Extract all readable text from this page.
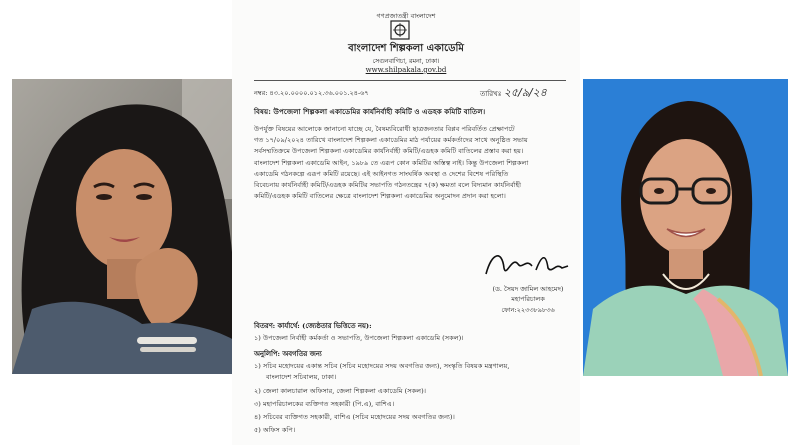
গণপ্রজাতন্ত্রী বাংলাদেশ
বাংলাদেশ শিল্পকলা একাডেমি
সেগুনবাগিচা, রমনা, ঢাকা।
www.shilpakala.gov.bd
নম্বর: ৪৩.২০.০০০০.০১২.৩৬.০০১.২৪-৬৭	তারিখঃ ২৫/৯/২৪
বিষয়: উপজেলা শিল্পকলা একাডেমির কার্যনির্বাহী কমিটি ও এডহক কমিটি বাতিল।

উপর্যুক্ত বিষয়ের আলোকে জানানো যাচ্ছে যে, বৈষম্যবিরোধী ছাত্রজনতার বিপ্লব পরিবর্তিত প্রেক্ষাপটে
গত ১৭/০৯/২০২৪ তারিখে বাংলাদেশ শিল্পকলা একাডেমির মাঠ পর্যায়ের কর্মকর্তাদের সাথে অনুষ্ঠিত সভায়
সর্বসম্মতিক্রমে উপজেলা শিল্পকলা একাডেমির কার্যনির্বাহী কমিটি/এডহক কমিটি বাতিলের প্রস্তাব করা হয়।
বাংলাদেশ শিল্পকলা একাডেমি আইন, ১৯৮৯ তে এরূপ কোন কমিটির অস্তিত্ব নাই। কিন্তু উপজেলা শিল্পকলা
একাডেমি গঠনকল্পে এরূপ কমিটি রয়েছে। এই আইনগত সাংঘর্ষিক অবস্থা ও দেশের বিশেষ পরিস্থিতি
বিবেচনায় কার্যনির্বাহী কমিটি/এডহক কমিটির সভাপতি গঠনতন্ত্রের ৭(ক) ক্ষমতা বলে বিদ্যমান কার্যনির্বাহী
কমিটি/এডহক কমিটি বাতিলের ক্ষেত্রে বাংলাদেশ শিল্পকলা একাডেমির অনুমোদন প্রদান করা হলো।

(ড. সৈয়দ জামিল আহমেদ)
মহাপরিচালক
ফোন:২২৩৩৮৯৮৩৬
বিতরণ: কার্যার্থে: (জ্যেষ্ঠতার ভিত্তিতে নয়):
১) উপজেলা নির্বাহী কর্মকর্তা ও সভাপতি, উপজেলা শিল্পকলা একাডেমি (সকল)।
অনুলিপি: অবগতির জন্য
১) সচিব মহোদয়ের একান্ত সচিব (সচিব মহোদয়ের সদয় অবগতির জন্য), সংস্কৃতি বিষয়ক মন্ত্রণালয়,
বাংলাদেশ সচিবালয়, ঢাকা।
২) জেলা কালচারাল অফিসার, জেলা শিল্পকলা একাডেমি (সকল)।
৩) মহাপরিচালকের ব্যক্তিগত সহকারী (পি.এ), বাশিএ।
৪) সচিবের ব্যক্তিগত সহকারী, বাশিএ (সচিব মহোদয়ের সদয় অবগতির জন্য)।
৫) অফিস কপি।
